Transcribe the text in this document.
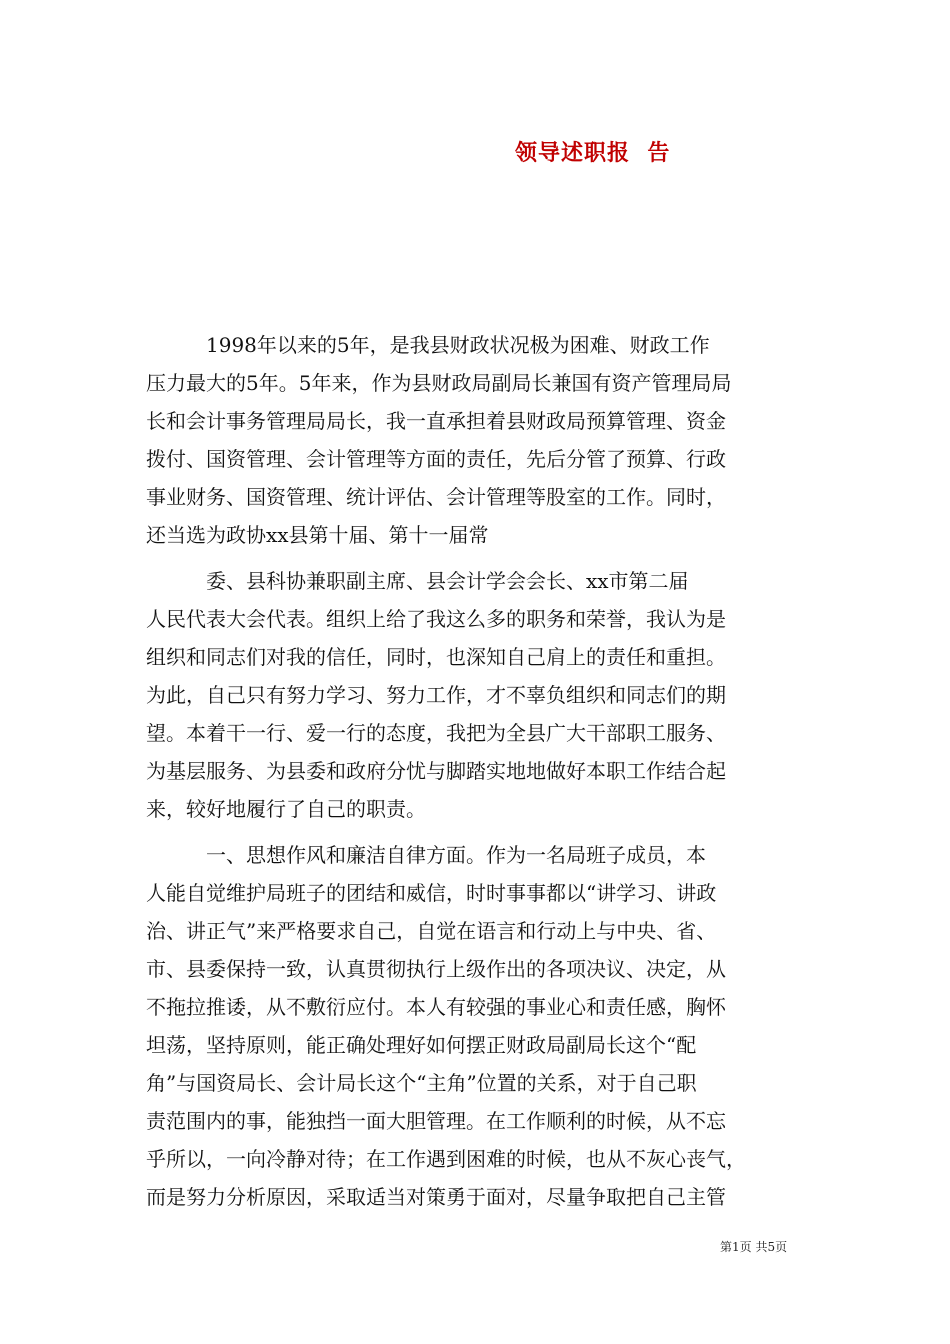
领导述职报  告
　　　1998年以来的5年，是我县财政状况极为困难、财政工作
压力最大的5年。5年来，作为县财政局副局长兼国有资产管理局局
长和会计事务管理局局长，我一直承担着县财政局预算管理、资金
拨付、国资管理、会计管理等方面的责任，先后分管了预算、行政
事业财务、国资管理、统计评估、会计管理等股室的工作。同时，
还当选为政协xx县第十届、第十一届常
　　　委、县科协兼职副主席、县会计学会会长、xx市第二届
人民代表大会代表。组织上给了我这么多的职务和荣誉，我认为是
组织和同志们对我的信任，同时，也深知自己肩上的责任和重担。
为此，自己只有努力学习、努力工作，才不辜负组织和同志们的期
望。本着干一行、爱一行的态度，我把为全县广大干部职工服务、
为基层服务、为县委和政府分忧与脚踏实地地做好本职工作结合起
来，较好地履行了自己的职责。
　　　一、思想作风和廉洁自律方面。作为一名局班子成员，本
人能自觉维护局班子的团结和威信，时时事事都以“讲学习、讲政
治、讲正气”来严格要求自己，自觉在语言和行动上与中央、省、
市、县委保持一致，认真贯彻执行上级作出的各项决议、决定，从
不拖拉推诿，从不敷衍应付。本人有较强的事业心和责任感，胸怀
坦荡，坚持原则，能正确处理好如何摆正财政局副局长这个“配
角”与国资局长、会计局长这个“主角”位置的关系，对于自己职
责范围内的事，能独挡一面大胆管理。在工作顺利的时候，从不忘
乎所以，一向冷静对待；在工作遇到困难的时候，也从不灰心丧气，
而是努力分析原因，采取适当对策勇于面对，尽量争取把自己主管
第1页 共5页
